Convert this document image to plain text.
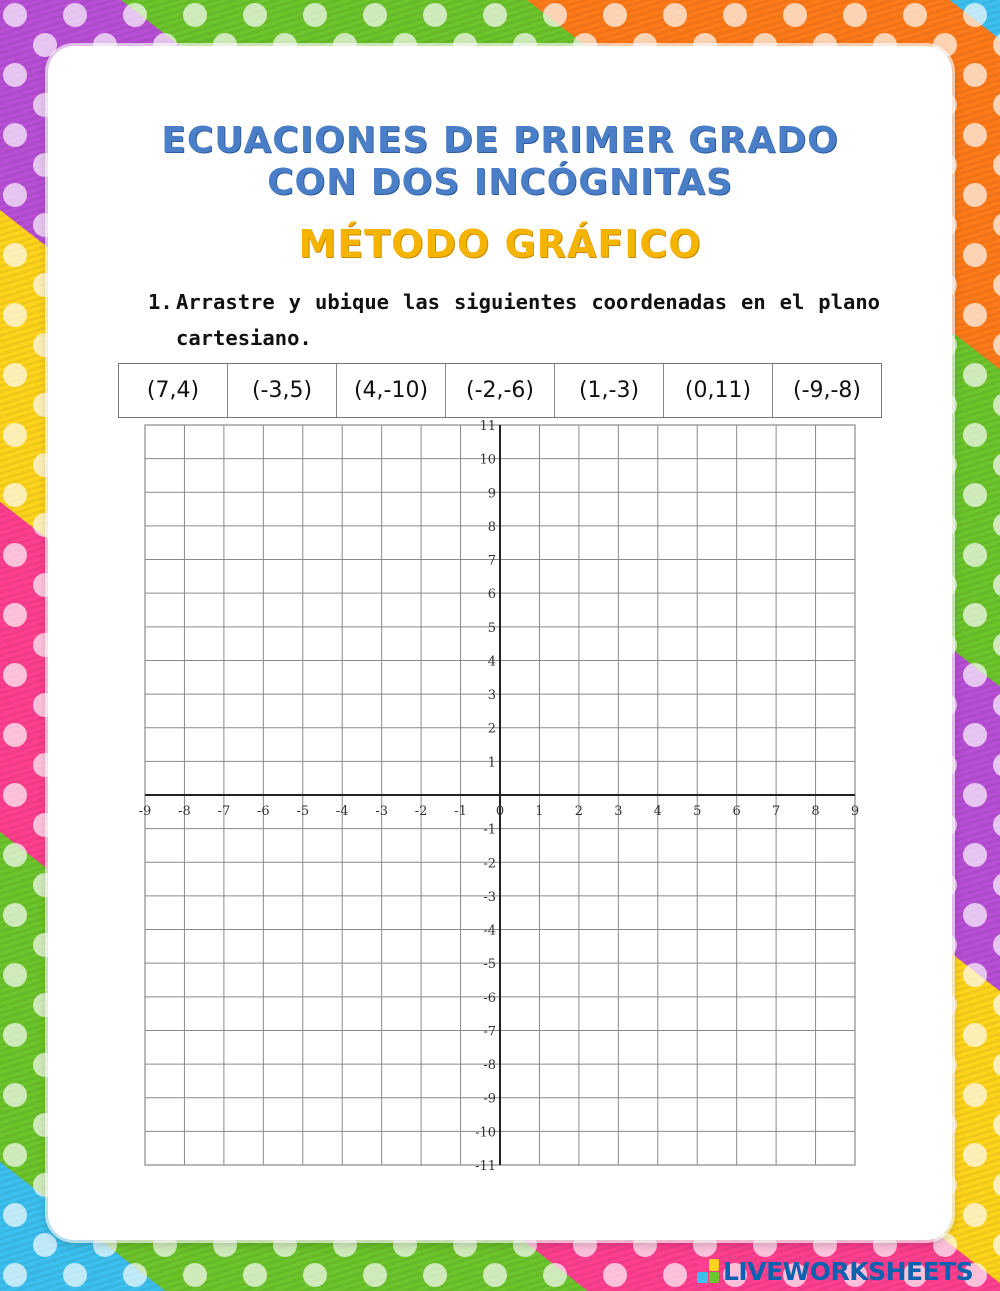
ECUACIONES DE PRIMER GRADO CON DOS INCÓGNITAS
MÉTODO GRÁFICO
1. Arrastre y ubique las siguientes coordenadas en el plano cartesiano.
(7,4)	(-3,5)	(4,-10)	(-2,-6)	(1,-3)	(0,11)	(-9,-8)
-9 -8 -7 -6 -5 -4 -3 -2 -1 0 1 2 3 4 5 6 7 8 9
11
10
9
8
7
6
5
4
3
2
1
-1
-2
-3
-4
-5
-6
-7
-8
-9
-10
-11
LIVEWORKSHEETS
